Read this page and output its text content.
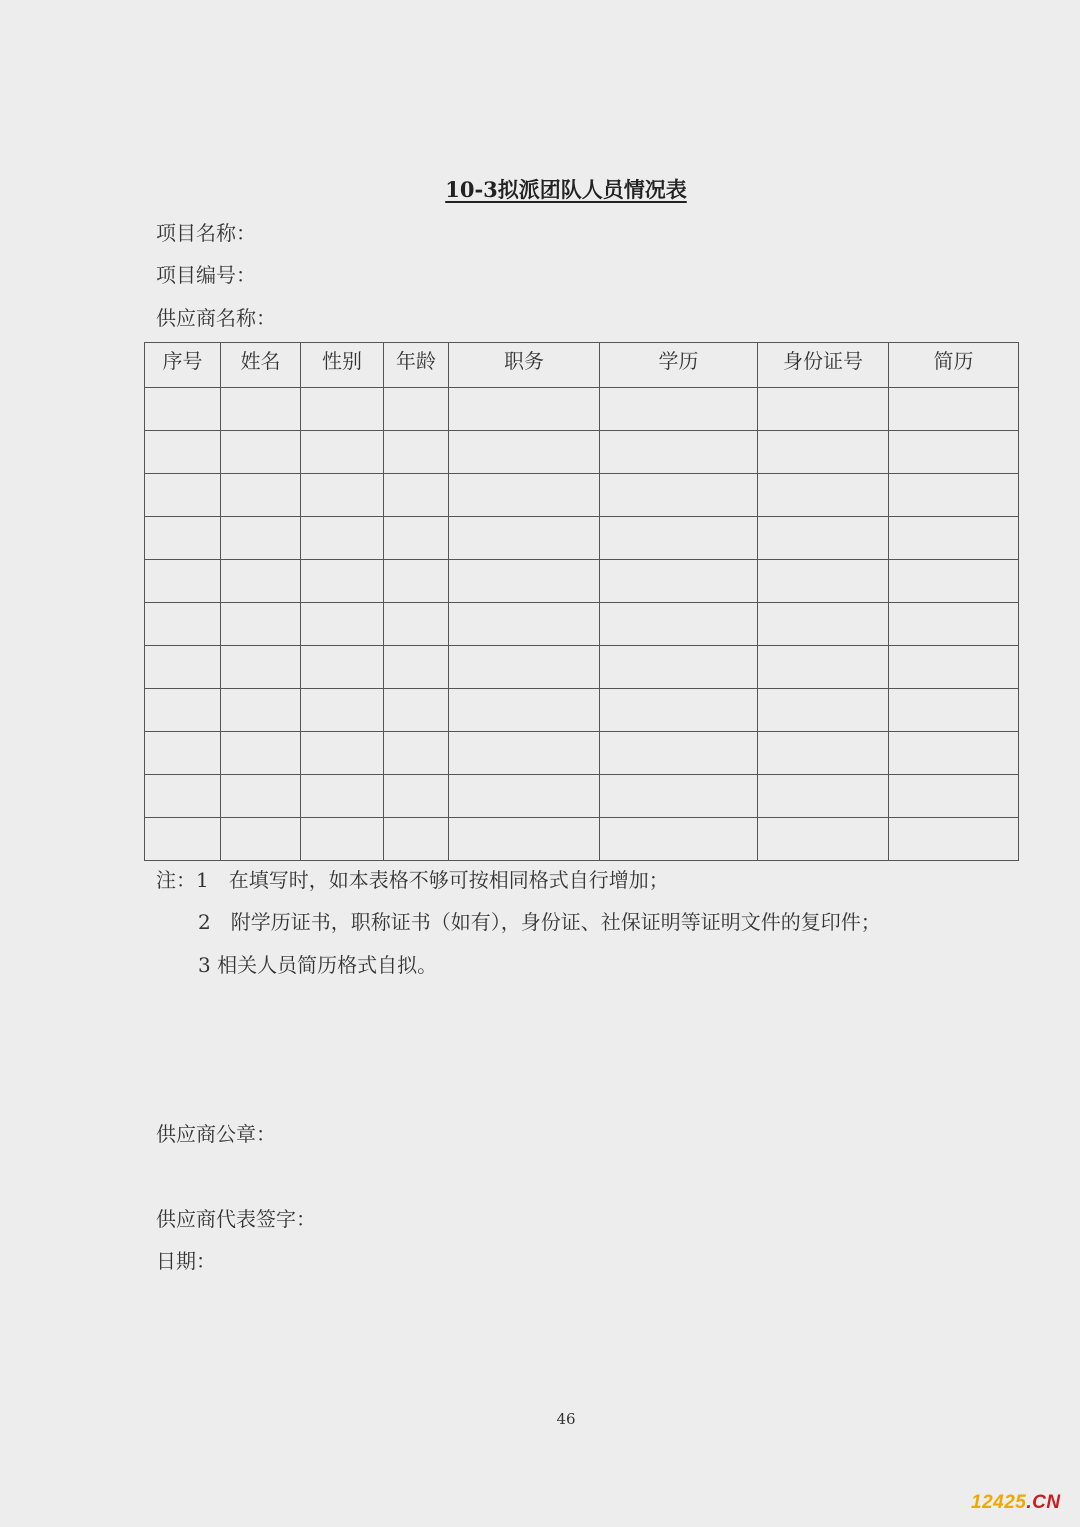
10-3拟派团队人员情况表
项目名称：
项目编号：
供应商名称：
序号	姓名	性别	年龄	职务	学历	身份证号	简历

注：1　在填写时，如本表格不够可按相同格式自行增加；
2　附学历证书，职称证书（如有），身份证、社保证明等证明文件的复印件；
3 相关人员简历格式自拟。
供应商公章：
供应商代表签字：
日期：
46
12425.CN
